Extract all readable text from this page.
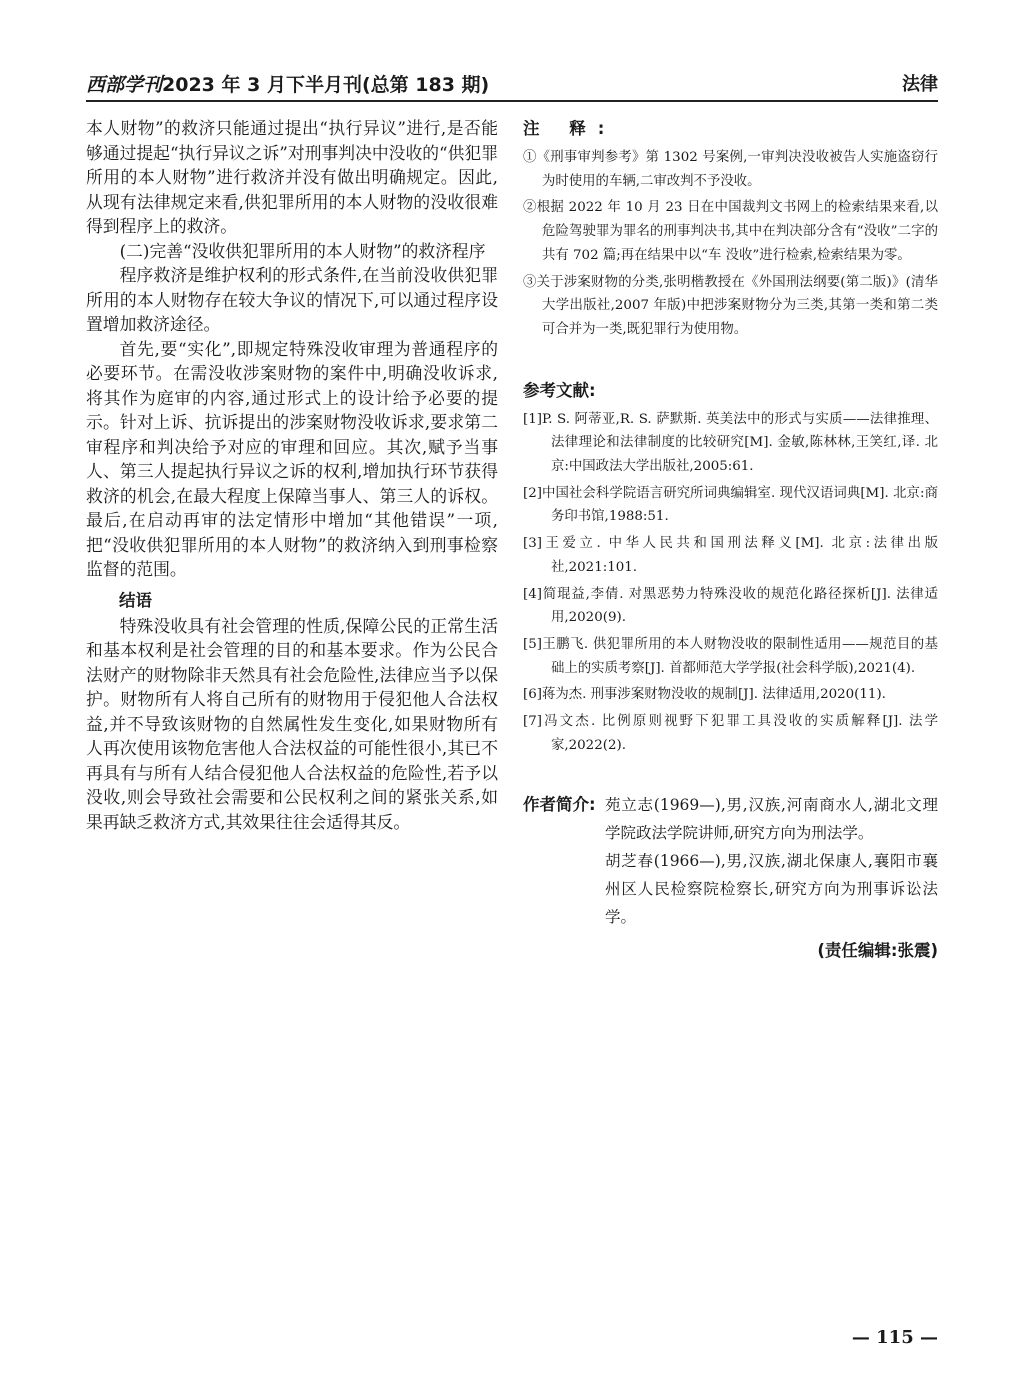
西部学刊2023 年 3 月下半月刊(总第 183 期)	法律

本人财物”的救济只能通过提出“执行异议”进行,是否能够通过提起“执行异议之诉”对刑事判决中没收的“供犯罪所用的本人财物”进行救济并没有做出明确规定。因此,从现有法律规定来看,供犯罪所用的本人财物的没收很难得到程序上的救济。

(二)完善“没收供犯罪所用的本人财物”的救济程序

程序救济是维护权利的形式条件,在当前没收供犯罪所用的本人财物存在较大争议的情况下,可以通过程序设置增加救济途径。

首先,要“实化”,即规定特殊没收审理为普通程序的必要环节。在需没收涉案财物的案件中,明确没收诉求,将其作为庭审的内容,通过形式上的设计给予必要的提示。针对上诉、抗诉提出的涉案财物没收诉求,要求第二审程序和判决给予对应的审理和回应。其次,赋予当事人、第三人提起执行异议之诉的权利,增加执行环节获得救济的机会,在最大程度上保障当事人、第三人的诉权。最后,在启动再审的法定情形中增加“其他错误”一项,把“没收供犯罪所用的本人财物”的救济纳入到刑事检察监督的范围。

结语

特殊没收具有社会管理的性质,保障公民的正常生活和基本权利是社会管理的目的和基本要求。作为公民合法财产的财物除非天然具有社会危险性,法律应当予以保护。财物所有人将自己所有的财物用于侵犯他人合法权益,并不导致该财物的自然属性发生变化,如果财物所有人再次使用该物危害他人合法权益的可能性很小,其已不再具有与所有人结合侵犯他人合法权益的危险性,若予以没收,则会导致社会需要和公民权利之间的紧张关系,如果再缺乏救济方式,其效果往往会适得其反。

注 释:
①《刑事审判参考》第 1302 号案例,一审判决没收被告人实施盗窃行为时使用的车辆,二审改判不予没收。
②根据 2022 年 10 月 23 日在中国裁判文书网上的检索结果来看,以危险驾驶罪为罪名的刑事判决书,其中在判决部分含有“没收”二字的共有 702 篇;再在结果中以“车 没收”进行检索,检索结果为零。
③关于涉案财物的分类,张明楷教授在《外国刑法纲要(第二版)》(清华大学出版社,2007 年版)中把涉案财物分为三类,其第一类和第二类可合并为一类,既犯罪行为使用物。
参考文献:
[1]P. S. 阿蒂亚,R. S. 萨默斯. 英美法中的形式与实质——法律推理、法律理论和法律制度的比较研究[M]. 金敏,陈林林,王笑红,译. 北京:中国政法大学出版社,2005:61.
[2]中国社会科学院语言研究所词典编辑室. 现代汉语词典[M]. 北京:商务印书馆,1988:51.
[3]王爱立. 中华人民共和国刑法释义[M]. 北京:法律出版社,2021:101.
[4]简琨益,李倩. 对黑恶势力特殊没收的规范化路径探析[J]. 法律适用,2020(9).
[5]王鹏飞. 供犯罪所用的本人财物没收的限制性适用——规范目的基础上的实质考察[J]. 首都师范大学学报(社会科学版),2021(4).
[6]蒋为杰. 刑事涉案财物没收的规制[J]. 法律适用,2020(11).
[7]冯文杰. 比例原则视野下犯罪工具没收的实质解释[J]. 法学家,2022(2).
作者简介: 苑立志(1969—),男,汉族,河南商水人,湖北文理学院政法学院讲师,研究方向为刑法学。

胡芝春(1966—),男,汉族,湖北保康人,襄阳市襄州区人民检察院检察长,研究方向为刑事诉讼法学。

(责任编辑:张震)
— 115 —
